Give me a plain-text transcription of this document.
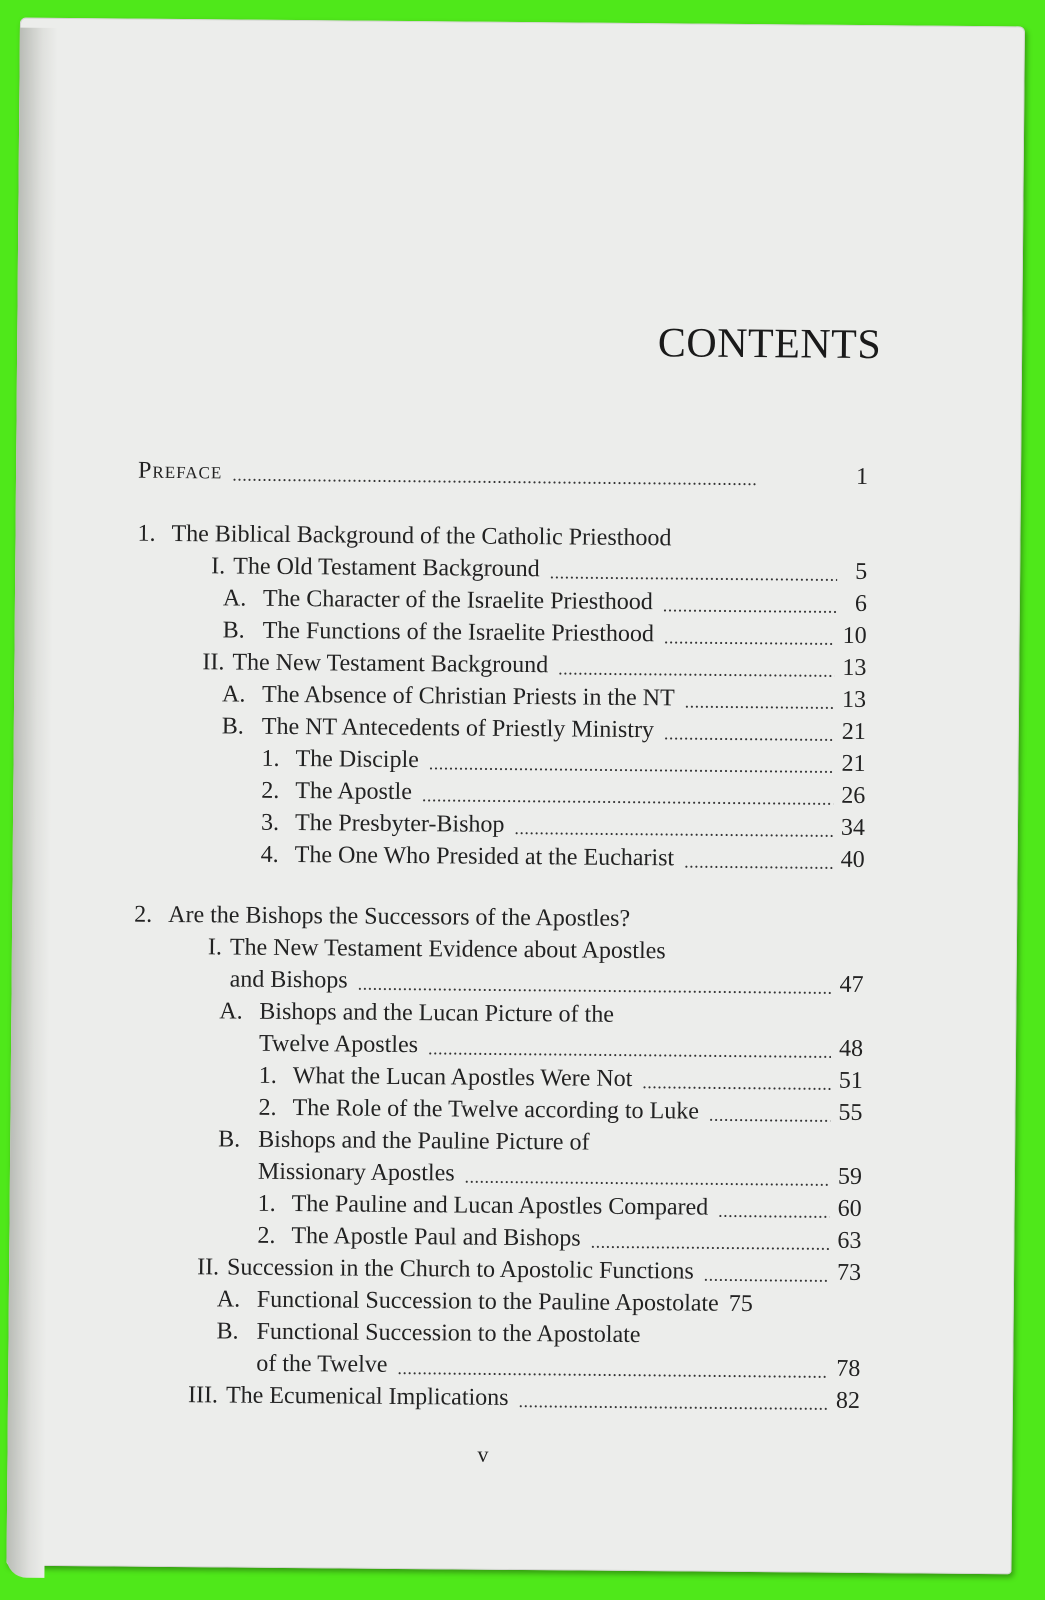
CONTENTS
Preface . . .	1
1. The Biblical Background of the Catholic Priesthood
I. The Old Testament Background . . .	5
A. The Character of the Israelite Priesthood . . .	6
B. The Functions of the Israelite Priesthood . . .	10
II. The New Testament Background . . .	13
A. The Absence of Christian Priests in the NT . . .	13
B. The NT Antecedents of Priestly Ministry . . .	21
1. The Disciple . . .	21
2. The Apostle . . .	26
3. The Presbyter-Bishop . . .	34
4. The One Who Presided at the Eucharist . . .	40
2. Are the Bishops the Successors of the Apostles?
I. The New Testament Evidence about Apostles
and Bishops . . .	47
A. Bishops and the Lucan Picture of the
Twelve Apostles . . .	48
1. What the Lucan Apostles Were Not . . .	51
2. The Role of the Twelve according to Luke . . .	55
B. Bishops and the Pauline Picture of
Missionary Apostles . . .	59
1. The Pauline and Lucan Apostles Compared . . .	60
2. The Apostle Paul and Bishops . . .	63
II. Succession in the Church to Apostolic Functions . . .	73
A. Functional Succession to the Pauline Apostolate 75
B. Functional Succession to the Apostolate
of the Twelve . . .	78
III. The Ecumenical Implications . . .	82
v
